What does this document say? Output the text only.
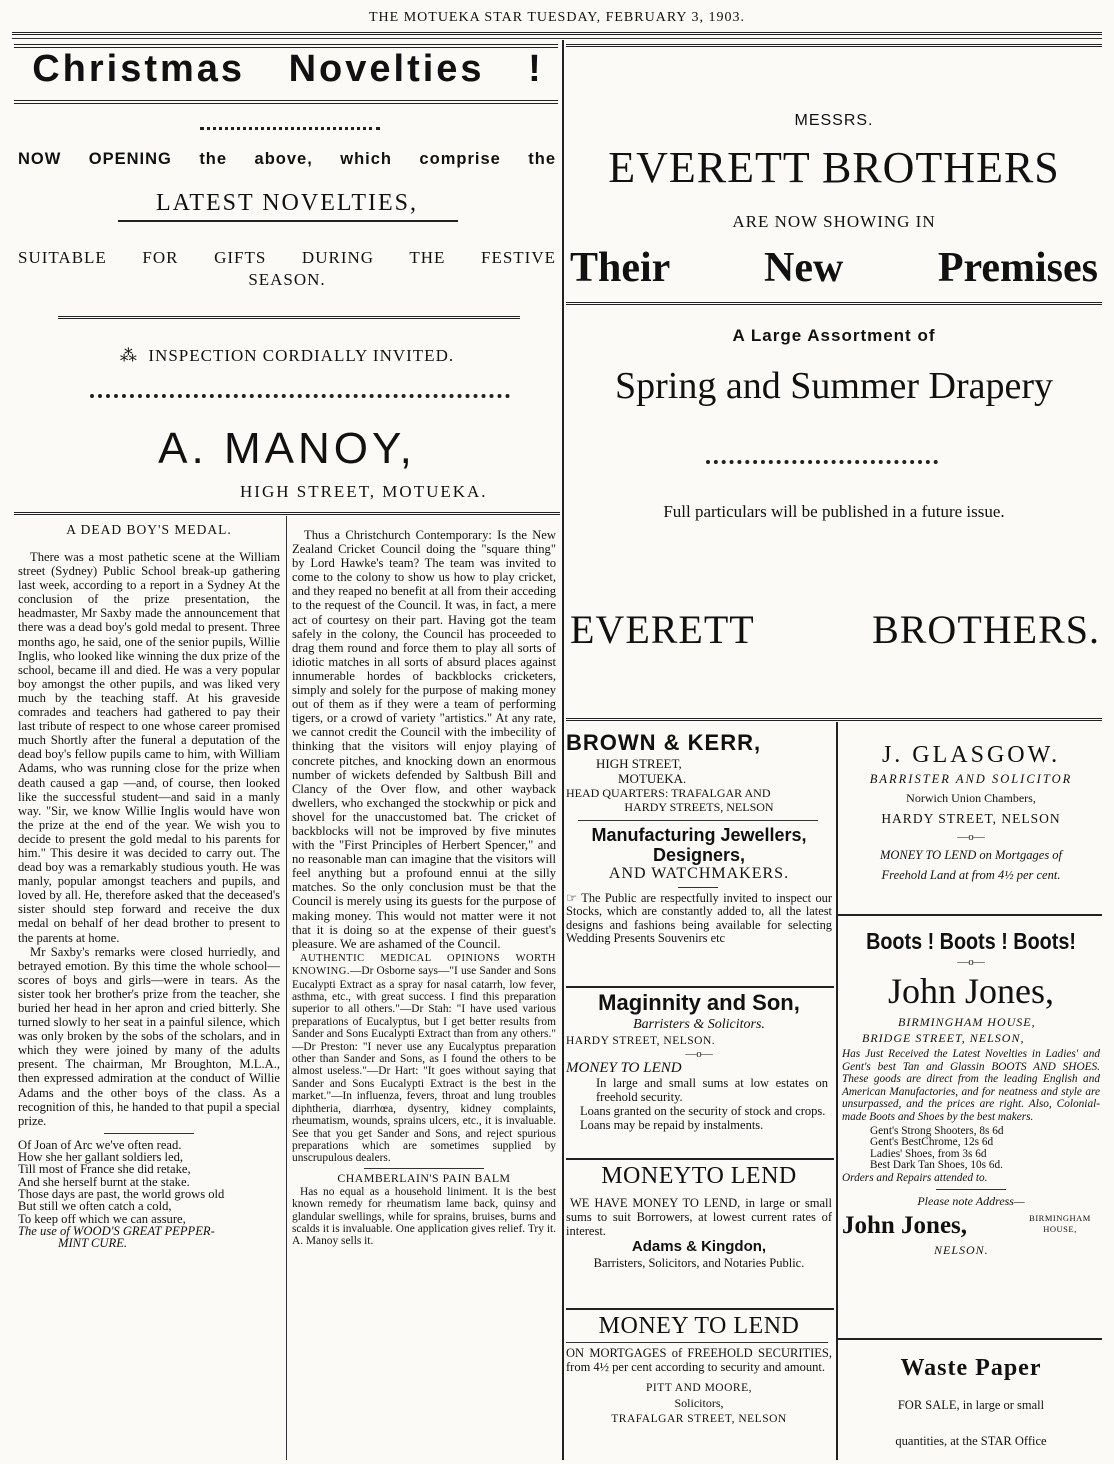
THE MOTUEKA STAR TUESDAY, FEBRUARY 3, 1903.
Christmas Novelties !
NOW OPENING the above, which comprise the
LATEST NOVELTIES,
SUITABLE FOR GIFTS DURING THE FESTIVE
SEASON.
⁂  INSPECTION CORDIALLY INVITED.
A. MANOY,
HIGH STREET, MOTUEKA.
MESSRS.
EVERETT BROTHERS
ARE NOW SHOWING IN
Their New Premises
A Large Assortment of
Spring and Summer Drapery
Full particulars will be published in a future issue.
EVERETT BROTHERS.
A DEAD BOY'S MEDAL.

There was a most pathetic scene at the William street (Sydney) Public School break-up gathering last week, according to a report in a Sydney At the conclusion of the prize presentation, the headmaster, Mr Saxby made the announcement that there was a dead boy's gold medal to present. Three months ago, he said, one of the senior pupils, Willie Inglis, who looked like winning the dux prize of the school, became ill and died. He was a very popular boy amongst the other pupils, and was liked very much by the teaching staff. At his graveside comrades and teachers had gathered to pay their last tribute of respect to one whose career promised much Shortly after the funeral a deputation of the dead boy's fellow pupils came to him, with William Adams, who was running close for the prize when death caused a gap —and, of course, then looked like the successful student—and said in a manly way. "Sir, we know Willie Inglis would have won the prize at the end of the year. We wish you to decide to present the gold medal to his parents for him." This desire it was decided to carry out. The dead boy was a remarkably studious youth. He was manly, popular amongst teachers and pupils, and loved by all. He, therefore asked that the deceased's sister should step forward and receive the dux medal on behalf of her dead brother to present to the parents at home.

Mr Saxby's remarks were closed hurriedly, and betrayed emotion. By this time the whole school—scores of boys and girls—were in tears. As the sister took her brother's prize from the teacher, she buried her head in her apron and cried bitterly. She turned slowly to her seat in a painful silence, which was only broken by the sobs of the scholars, and in which they were joined by many of the adults present. The chairman, Mr Broughton, M.L.A., then expressed admiration at the conduct of Willie Adams and the other boys of the class. As a recognition of this, he handed to that pupil a special prize.

Of Joan of Arc we've often read.
How she her gallant soldiers led,
Till most of France she did retake,
And she herself burnt at the stake.
Those days are past, the world grows old
But still we often catch a cold,
To keep off which we can assure,
The use of WOOD'S GREAT PEPPER-
MINT CURE.

Thus a Christchurch Contemporary: Is the New Zealand Cricket Council doing the "square thing" by Lord Hawke's team? The team was invited to come to the colony to show us how to play cricket, and they reaped no benefit at all from their acceding to the request of the Council. It was, in fact, a mere act of courtesy on their part. Having got the team safely in the colony, the Council has proceeded to drag them round and force them to play all sorts of idiotic matches in all sorts of absurd places against innumerable hordes of backblocks cricketers, simply and solely for the purpose of making money out of them as if they were a team of performing tigers, or a crowd of variety "artistics." At any rate, we cannot credit the Council with the imbecility of thinking that the visitors will enjoy playing of concrete pitches, and knocking down an enormous number of wickets defended by Saltbush Bill and Clancy of the Over flow, and other wayback dwellers, who exchanged the stockwhip or pick and shovel for the unaccustomed bat. The cricket of backblocks will not be improved by five minutes with the "First Principles of Herbert Spencer," and no reasonable man can imagine that the visitors will feel anything but a profound ennui at the silly matches. So the only conclusion must be that the Council is merely using its guests for the purpose of making money. This would not matter were it not that it is doing so at the expense of their guest's pleasure. We are ashamed of the Council.

AUTHENTIC MEDICAL OPINIONS WORTH KNOWING.—Dr Osborne says—"I use Sander and Sons Eucalypti Extract as a spray for nasal catarrh, low fever, asthma, etc., with great success. I find this preparation superior to all others."—Dr Stah: "I have used various preparations of Eucalyptus, but I get better results from Sander and Sons Eucalypti Extract than from any others." —Dr Preston: "I never use any Eucalyptus preparation other than Sander and Sons, as I found the others to be almost useless."—Dr Hart: "It goes without saying that Sander and Sons Eucalypti Extract is the best in the market."—In influenza, fevers, throat and lung troubles diphtheria, diarrhœa, dysentry, kidney complaints, rheumatism, wounds, sprains ulcers, etc., it is invaluable. See that you get Sander and Sons, and reject spurious preparations which are sometimes supplied by unscrupulous dealers.

CHAMBERLAIN'S PAIN BALM

Has no equal as a household liniment. It is the best known remedy for rheumatism lame back, quinsy and glandular swellings, while for sprains, bruises, burns and scalds it is invaluable. One application gives relief. Try it. A. Manoy sells it.

BROWN & KERR,
HIGH STREET,
MOTUEKA.
HEAD QUARTERS: TRAFALGAR AND
HARDY STREETS, NELSON
Manufacturing Jewellers,
Designers,
AND WATCHMAKERS.

☞ The Public are respectfully invited to inspect our Stocks, which are constantly added to, all the latest designs and fashions being available for selecting Wedding Presents Souvenirs etc

Maginnity and Son,
Barristers & Solicitors.
HARDY STREET, NELSON.
—o—
MONEY TO LEND
In large and small sums at low estates on freehold security.
Loans granted on the security of stock and crops.
Loans may be repaid by instalments.
MONEYTO LEND
WE HAVE MONEY TO LEND, in large or small sums to suit Borrowers, at lowest current rates of interest.
Adams & Kingdon,
Barristers, Solicitors, and Notaries Public.
MONEY TO LEND
ON MORTGAGES of FREEHOLD SECURITIES, from 4½ per cent according to security and amount.
PITT AND MOORE,
Solicitors,
TRAFALGAR STREET, NELSON
J. GLASGOW.
BARRISTER AND SOLICITOR
Norwich Union Chambers,
HARDY STREET, NELSON
—o—
MONEY TO LEND on Mortgages of
Freehold Land at from 4½ per cent.
Boots ! Boots ! Boots!
—o—
John Jones,
BIRMINGHAM HOUSE,
BRIDGE STREET, NELSON,
Has Just Received the Latest Novelties in Ladies' and Gent's best Tan and Glassin BOOTS AND SHOES. These goods are direct from the leading English and American Manufactories, and for neatness and style are unsurpassed, and the prices are right. Also, Colonial-made Boots and Shoes by the best makers.
Gent's Strong Shooters, 8s 6d
Gent's BestChrome, 12s 6d
Ladies' Shoes, from 3s 6d
Best Dark Tan Shoes, 10s 6d.
Orders and Repairs attended to.
Please note Address—
John Jones,	BIRMINGHAM
HOUSE,
NELSON.
Waste Paper
FOR SALE, in large or small
quantities, at the STAR Office
